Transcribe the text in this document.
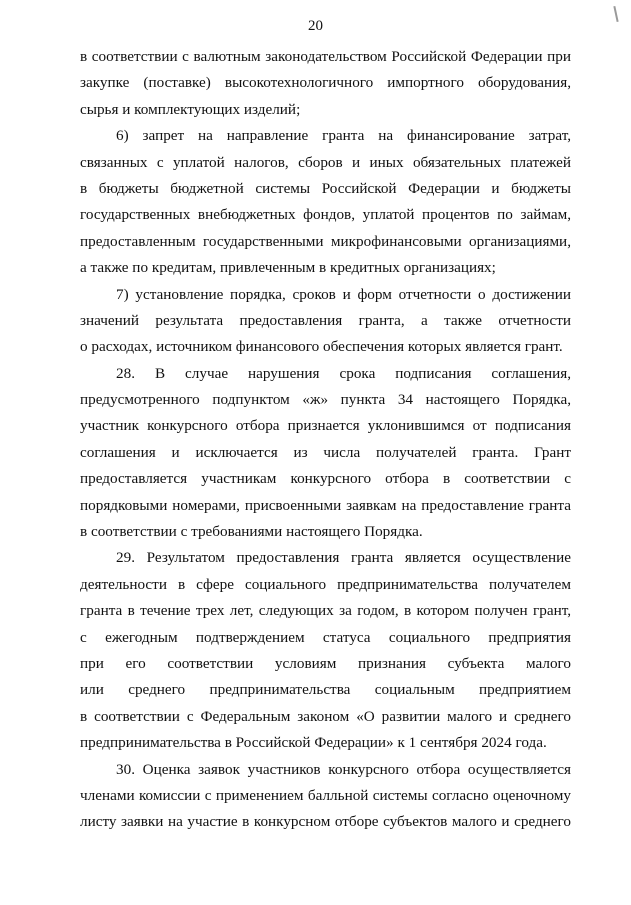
20
в соответствии с валютным законодательством Российской Федерации при
закупке (поставке) высокотехнологичного импортного оборудования,
сырья и комплектующих изделий;
6) запрет на направление гранта на финансирование затрат,
связанных с уплатой налогов, сборов и иных обязательных платежей
в бюджеты бюджетной системы Российской Федерации и бюджеты
государственных внебюджетных фондов, уплатой процентов по займам,
предоставленным государственными микрофинансовыми организациями,
а также по кредитам, привлеченным в кредитных организациях;
7) установление порядка, сроков и форм отчетности о достижении
значений результата предоставления гранта, а также отчетности
о расходах, источником финансового обеспечения которых является грант.
28. В случае нарушения срока подписания соглашения,
предусмотренного подпунктом «ж» пункта 34 настоящего Порядка,
участник конкурсного отбора признается уклонившимся от подписания
соглашения и исключается из числа получателей гранта. Грант
предоставляется участникам конкурсного отбора в соответствии с
порядковыми номерами, присвоенными заявкам на предоставление гранта
в соответствии с требованиями настоящего Порядка.
29. Результатом предоставления гранта является осуществление
деятельности в сфере социального предпринимательства получателем
гранта в течение трех лет, следующих за годом, в котором получен грант,
с ежегодным подтверждением статуса социального предприятия
при его соответствии условиям признания субъекта малого
или среднего предпринимательства социальным предприятием
в соответствии с Федеральным законом «О развитии малого и среднего
предпринимательства в Российской Федерации» к 1 сентября 2024 года.
30. Оценка заявок участников конкурсного отбора осуществляется
членами комиссии с применением балльной системы согласно оценочному
листу заявки на участие в конкурсном отборе субъектов малого и среднего
